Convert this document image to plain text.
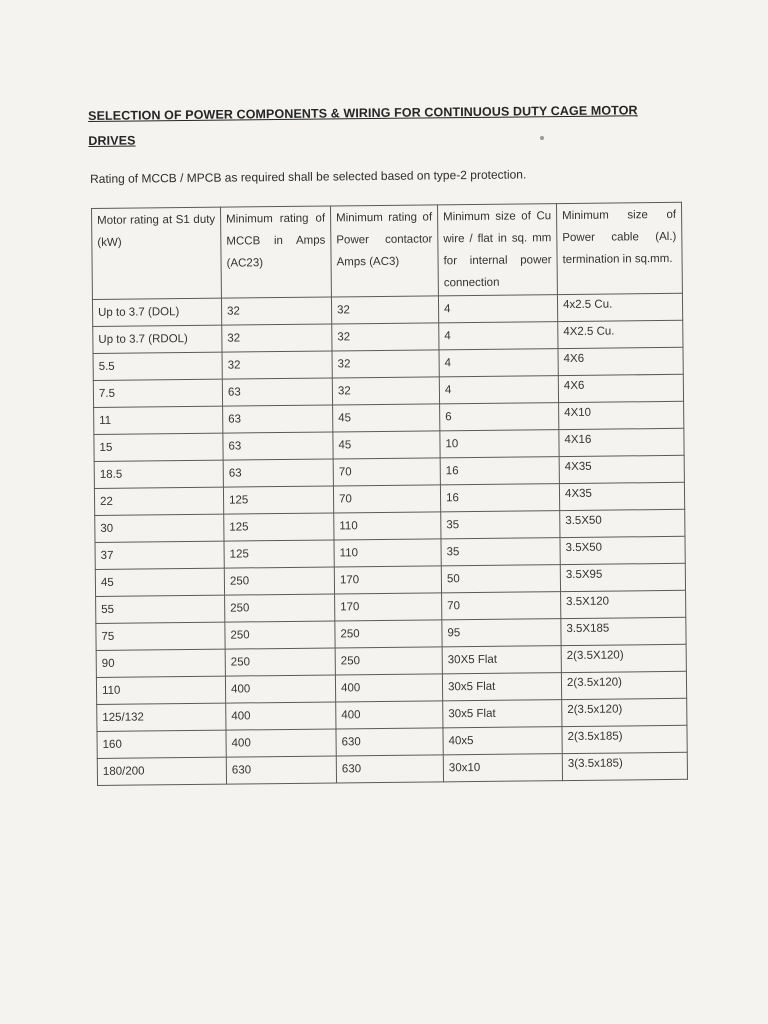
SELECTION OF POWER COMPONENTS & WIRING FOR CONTINUOUS DUTY CAGE MOTOR DRIVES
Rating of MCCB / MPCB as required shall be selected based on type-2 protection.
Motor rating at S1 duty (kW)	Minimum rating of MCCB in Amps (AC23)	Minimum rating of Power contactor Amps (AC3)	Minimum size of Cu wire / flat in sq. mm for internal power connection	Minimum size of Power cable (Al.) termination in sq.mm.
Up to 3.7 (DOL)	32	32	4	4x2.5 Cu.
Up to 3.7 (RDOL)	32	32	4	4X2.5 Cu.
5.5	32	32	4	4X6
7.5	63	32	4	4X6
11	63	45	6	4X10
15	63	45	10	4X16
18.5	63	70	16	4X35
22	125	70	16	4X35
30	125	110	35	3.5X50
37	125	110	35	3.5X50
45	250	170	50	3.5X95
55	250	170	70	3.5X120
75	250	250	95	3.5X185
90	250	250	30X5 Flat	2(3.5X120)
110	400	400	30x5 Flat	2(3.5x120)
125/132	400	400	30x5 Flat	2(3.5x120)
160	400	630	40x5	2(3.5x185)
180/200	630	630	30x10	3(3.5x185)
